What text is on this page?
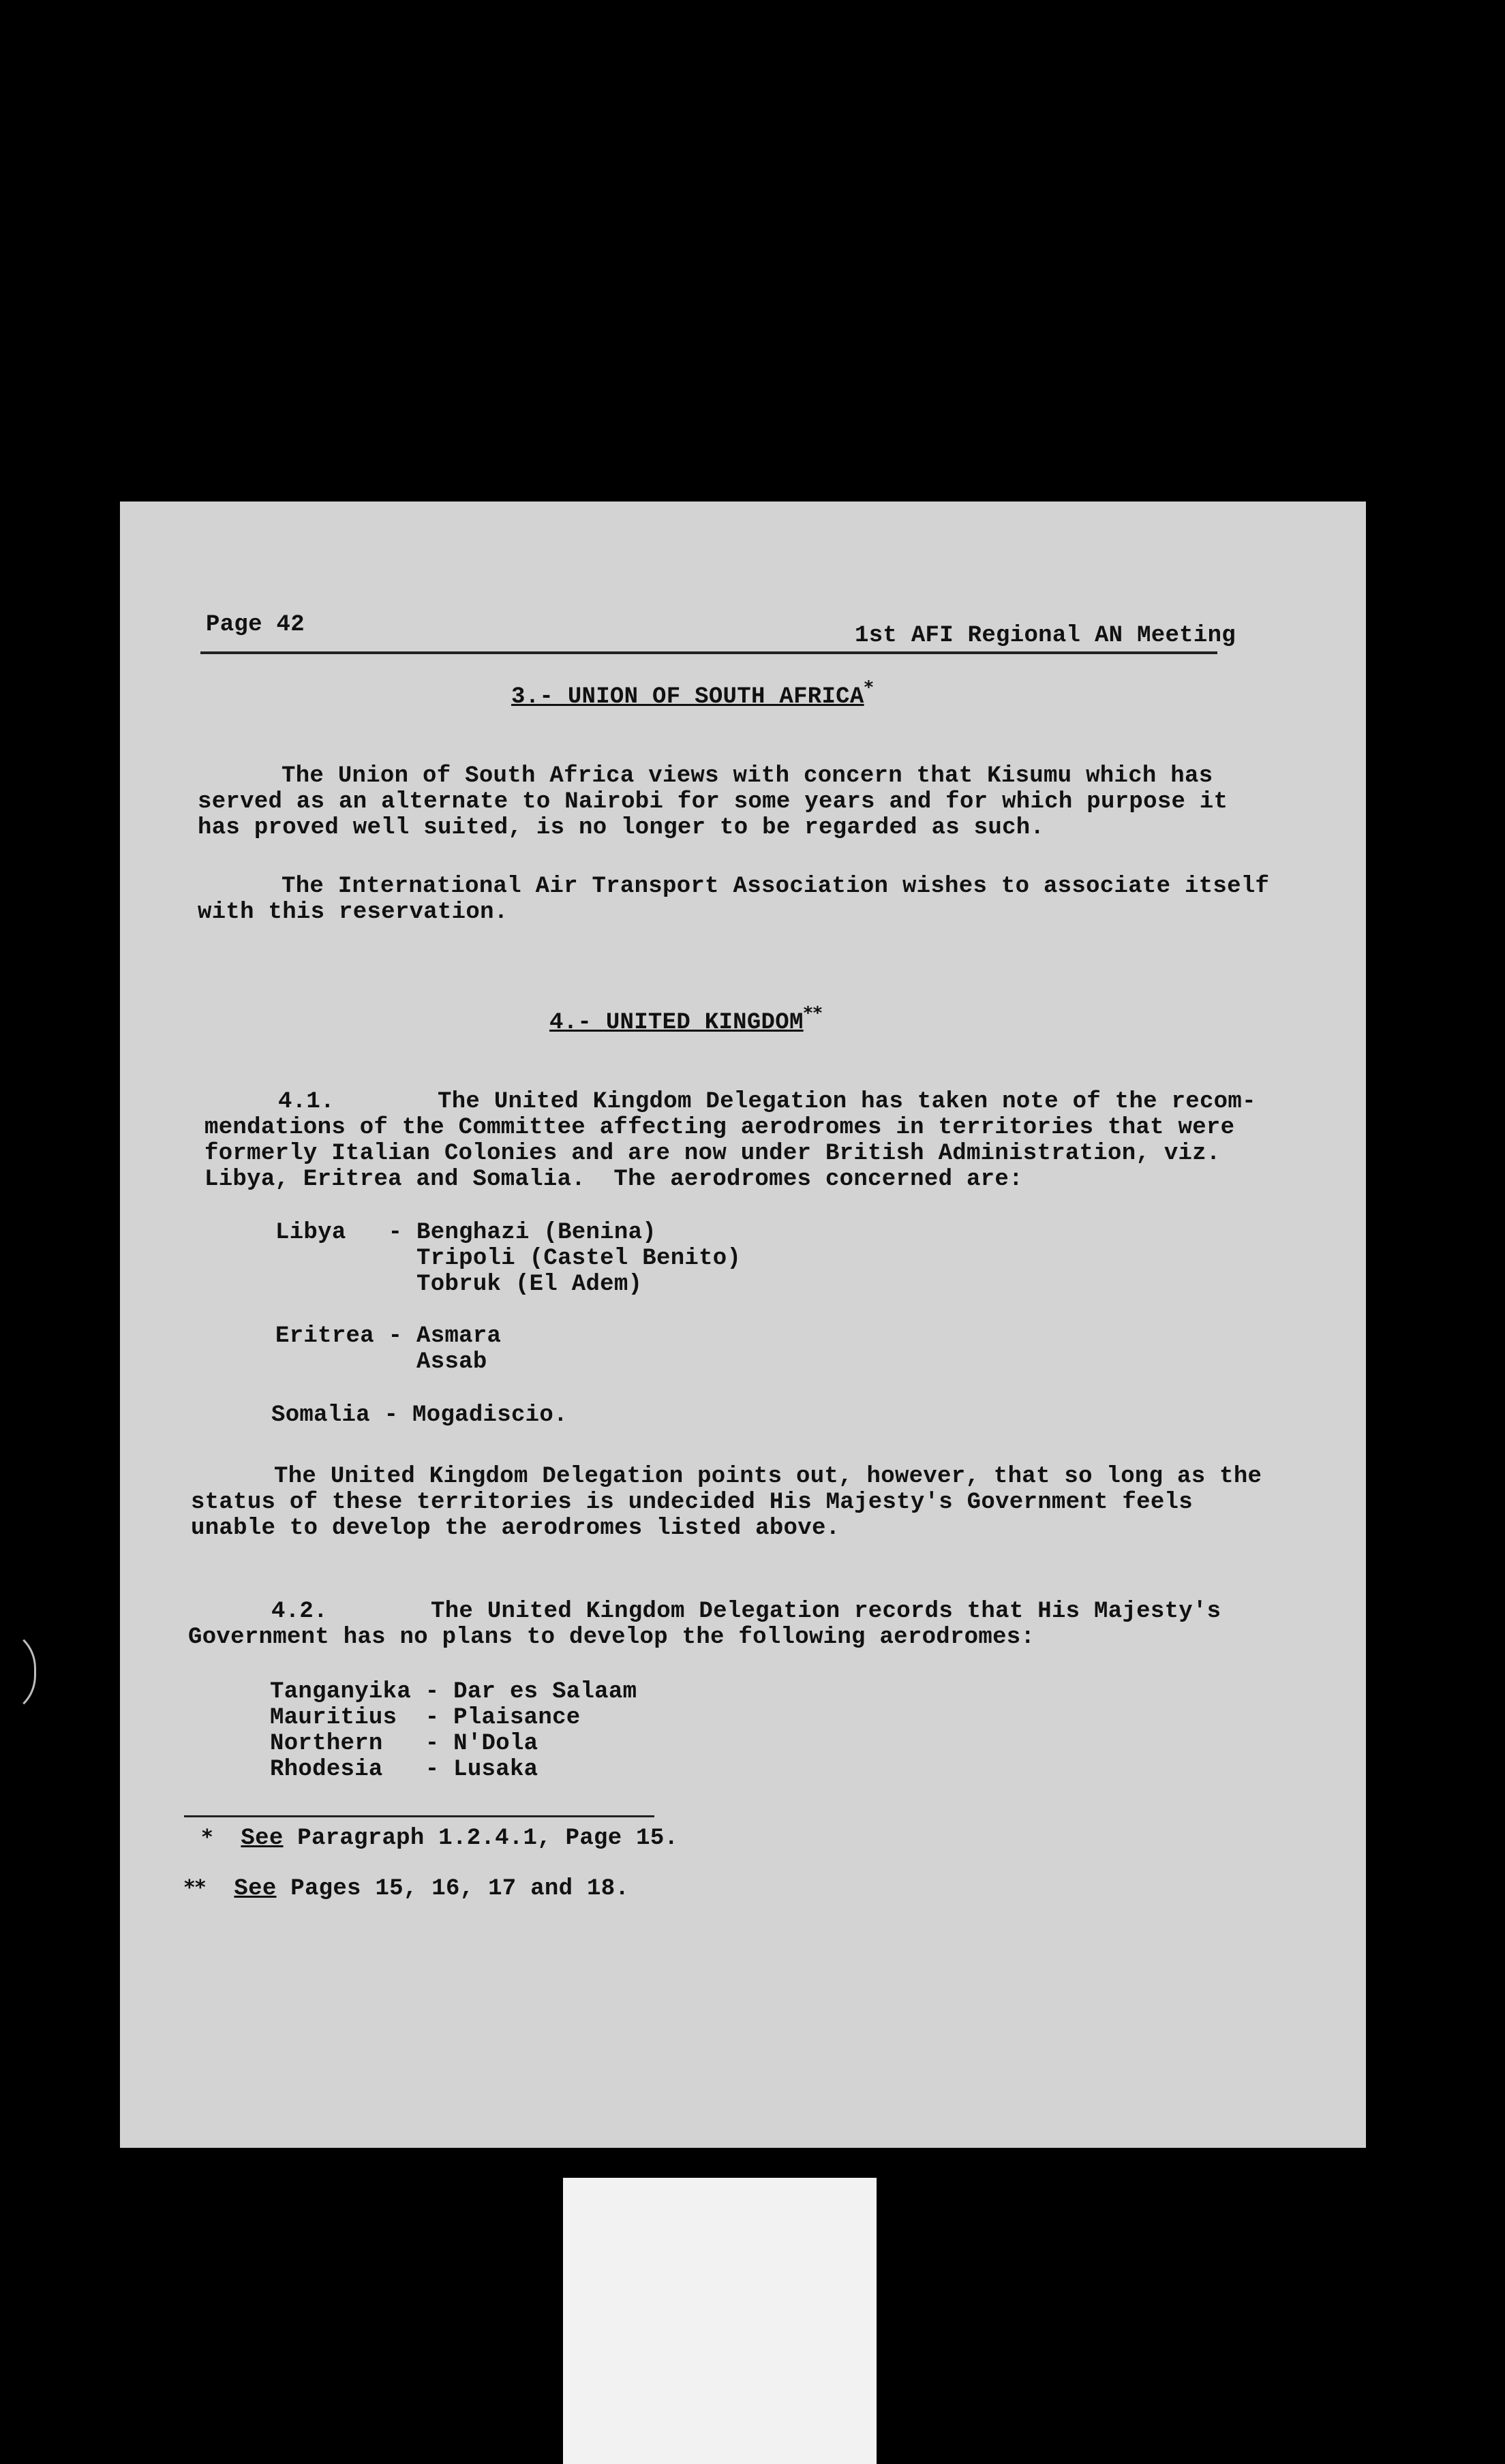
Page 42	1st AFI Regional AN Meeting
3.- UNION OF SOUTH AFRICA*
The Union of South Africa views with concern that Kisumu which has
served as an alternate to Nairobi for some years and for which purpose it
has proved well suited, is no longer to be regarded as such.
The International Air Transport Association wishes to associate itself
with this reservation.
4.- UNITED KINGDOM**
4.1.	The United Kingdom Delegation has taken note of the recom-
mendations of the Committee affecting aerodromes in territories that were
formerly Italian Colonies and are now under British Administration, viz.
Libya, Eritrea and Somalia.  The aerodromes concerned are:
Libya   - Benghazi (Benina)
Tripoli (Castel Benito)
Tobruk (El Adem)
Eritrea - Asmara
Assab
Somalia - Mogadiscio.
The United Kingdom Delegation points out, however, that so long as the
status of these territories is undecided His Majesty's Government feels
unable to develop the aerodromes listed above.
4.2.	The United Kingdom Delegation records that His Majesty's
Government has no plans to develop the following aerodromes:
Tanganyika - Dar es Salaam
Mauritius  - Plaisance
Northern   - N'Dola
Rhodesia   - Lusaka
* See Paragraph 1.2.4.1, Page 15.
** See Pages 15, 16, 17 and 18.
